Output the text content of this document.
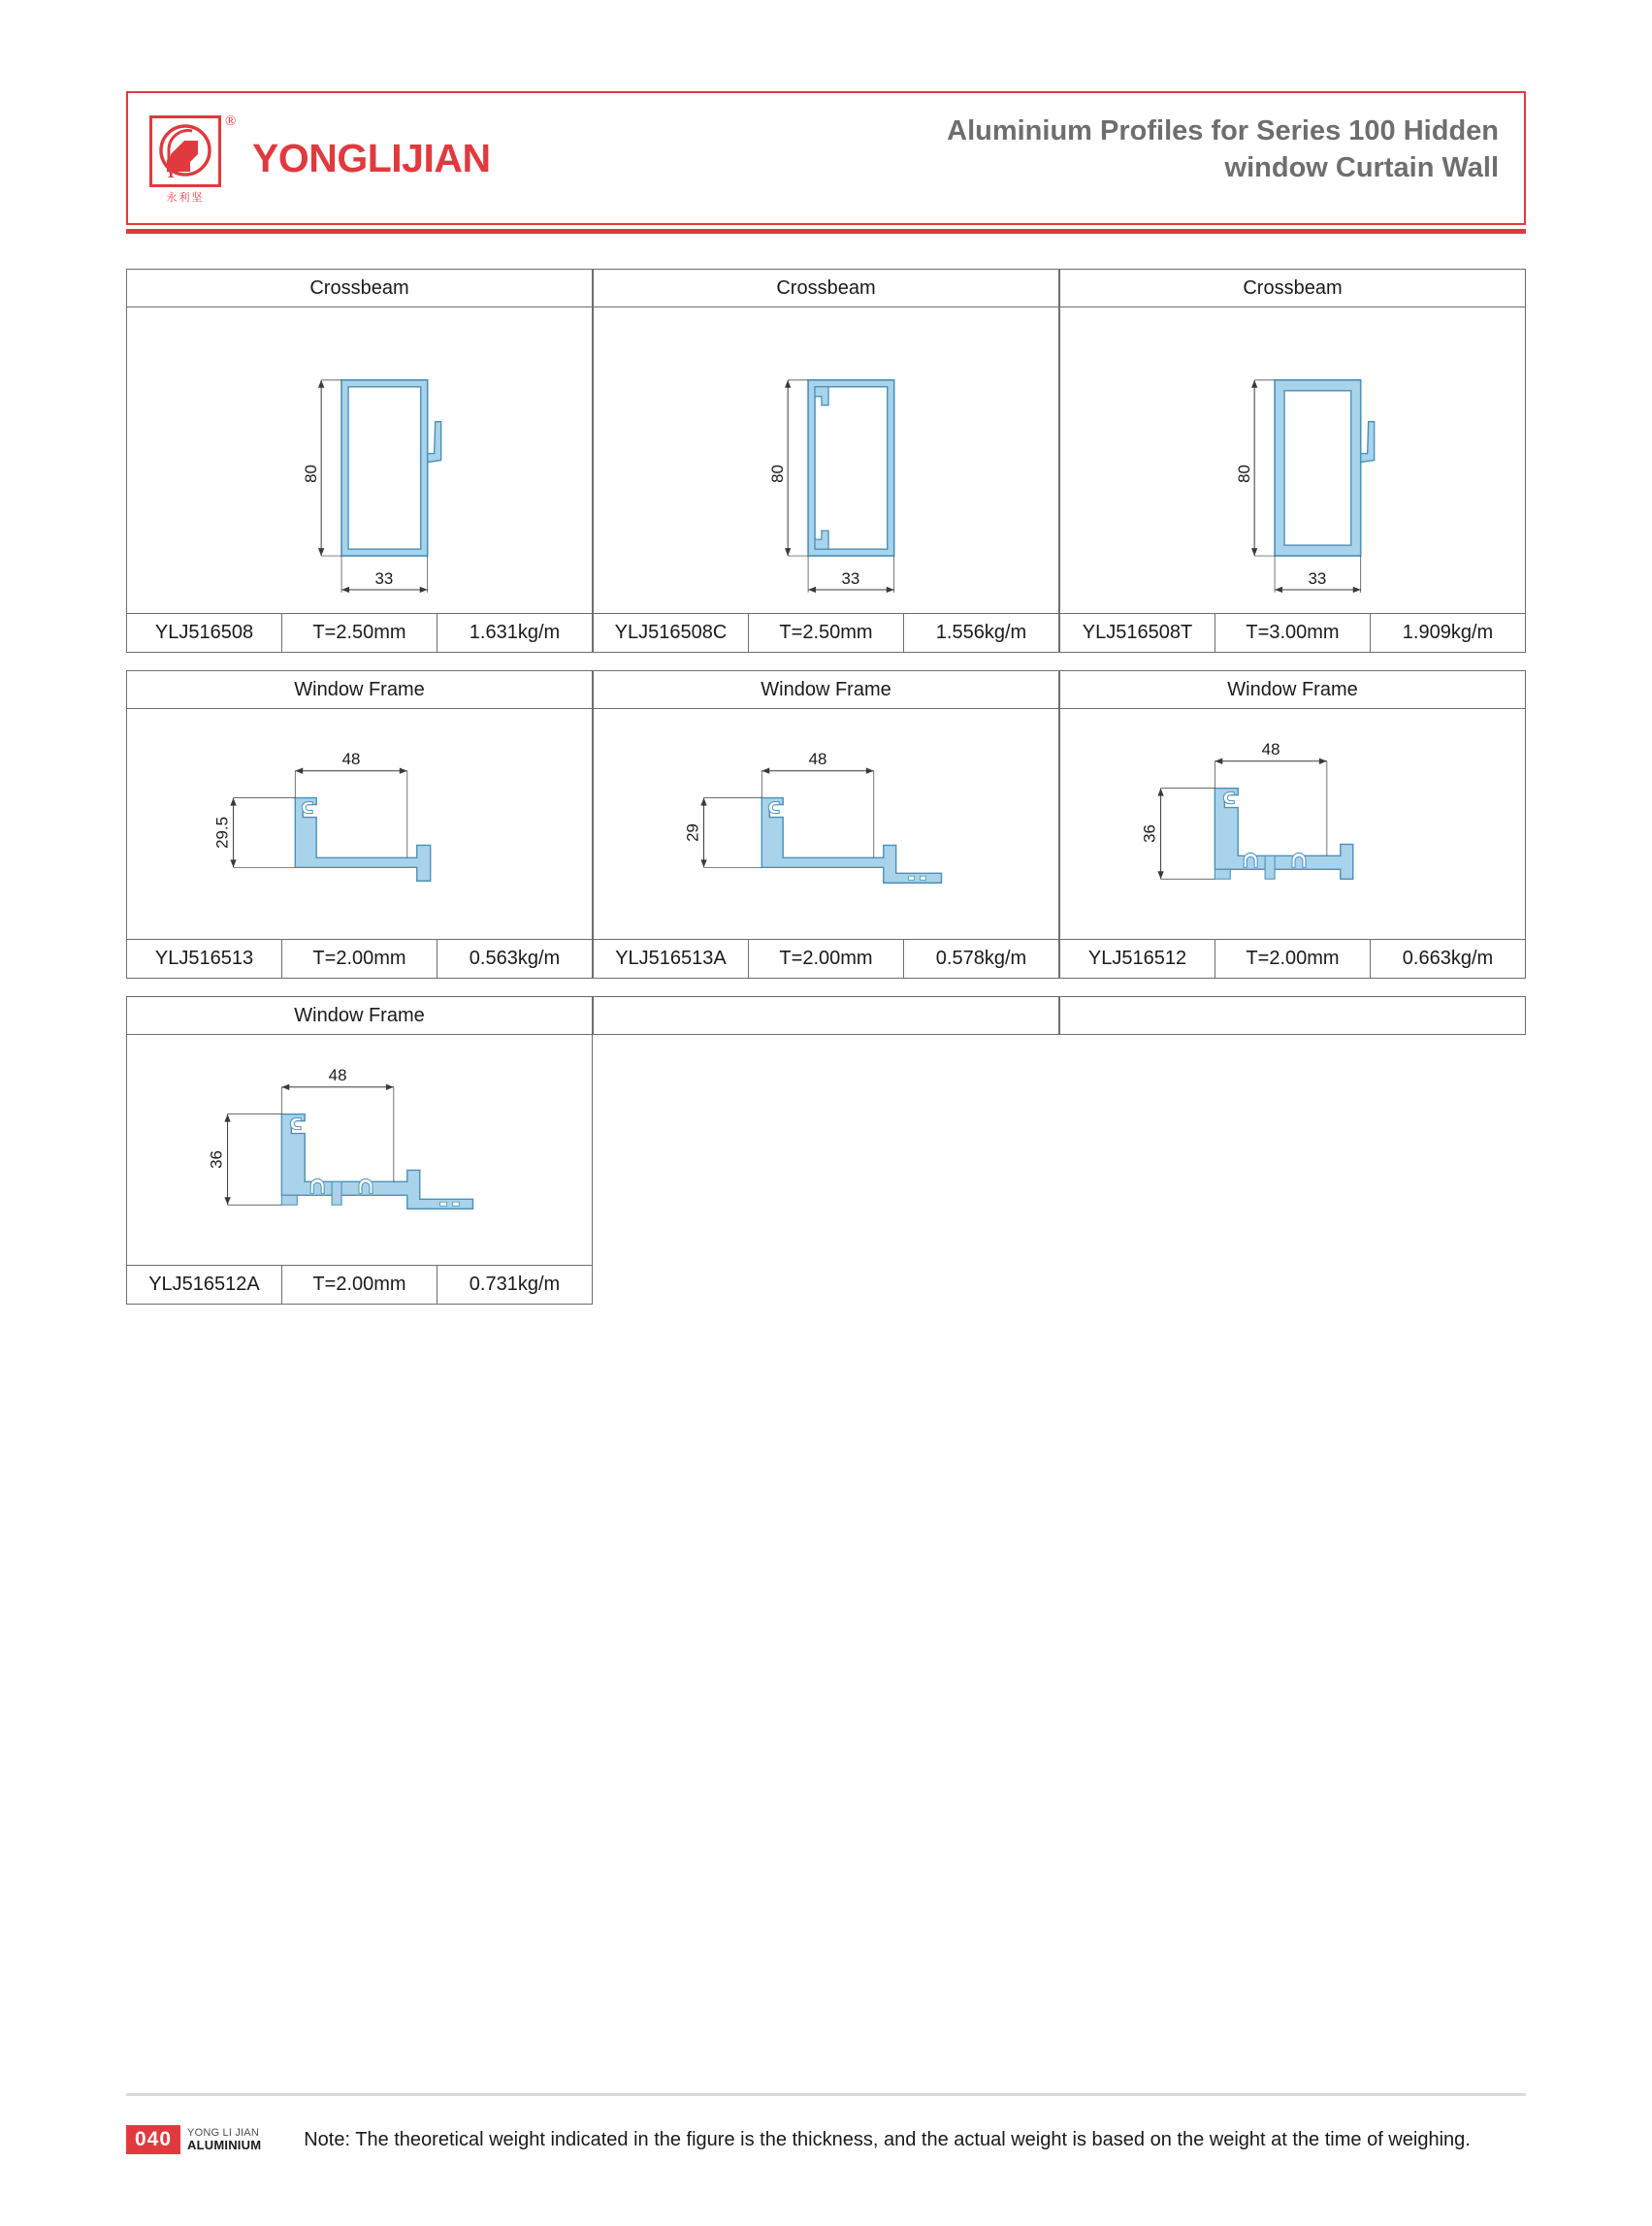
Y
®
永利坚
YONGLIJIAN
Aluminium Profiles for Series 100 Hidden
window Curtain Wall
Crossbeam	Crossbeam	Crossbeam
80
33
80
33
80
33
YLJ516508	T=2.50mm	1.631kg/m	YLJ516508C	T=2.50mm	1.556kg/m	YLJ516508T	T=3.00mm	1.909kg/m
Window Frame	Window Frame	Window Frame
48
29.5
48
29
48
36
YLJ516513	T=2.00mm	0.563kg/m	YLJ516513A	T=2.00mm	0.578kg/m	YLJ516512	T=2.00mm	0.663kg/m
Window Frame
48
36
YLJ516512A	T=2.00mm	0.731kg/m
040	YONG LI JIAN
ALUMINIUM Note: The theoretical weight indicated in the figure is the thickness, and the actual weight is based on the weight at the time of weighing.
